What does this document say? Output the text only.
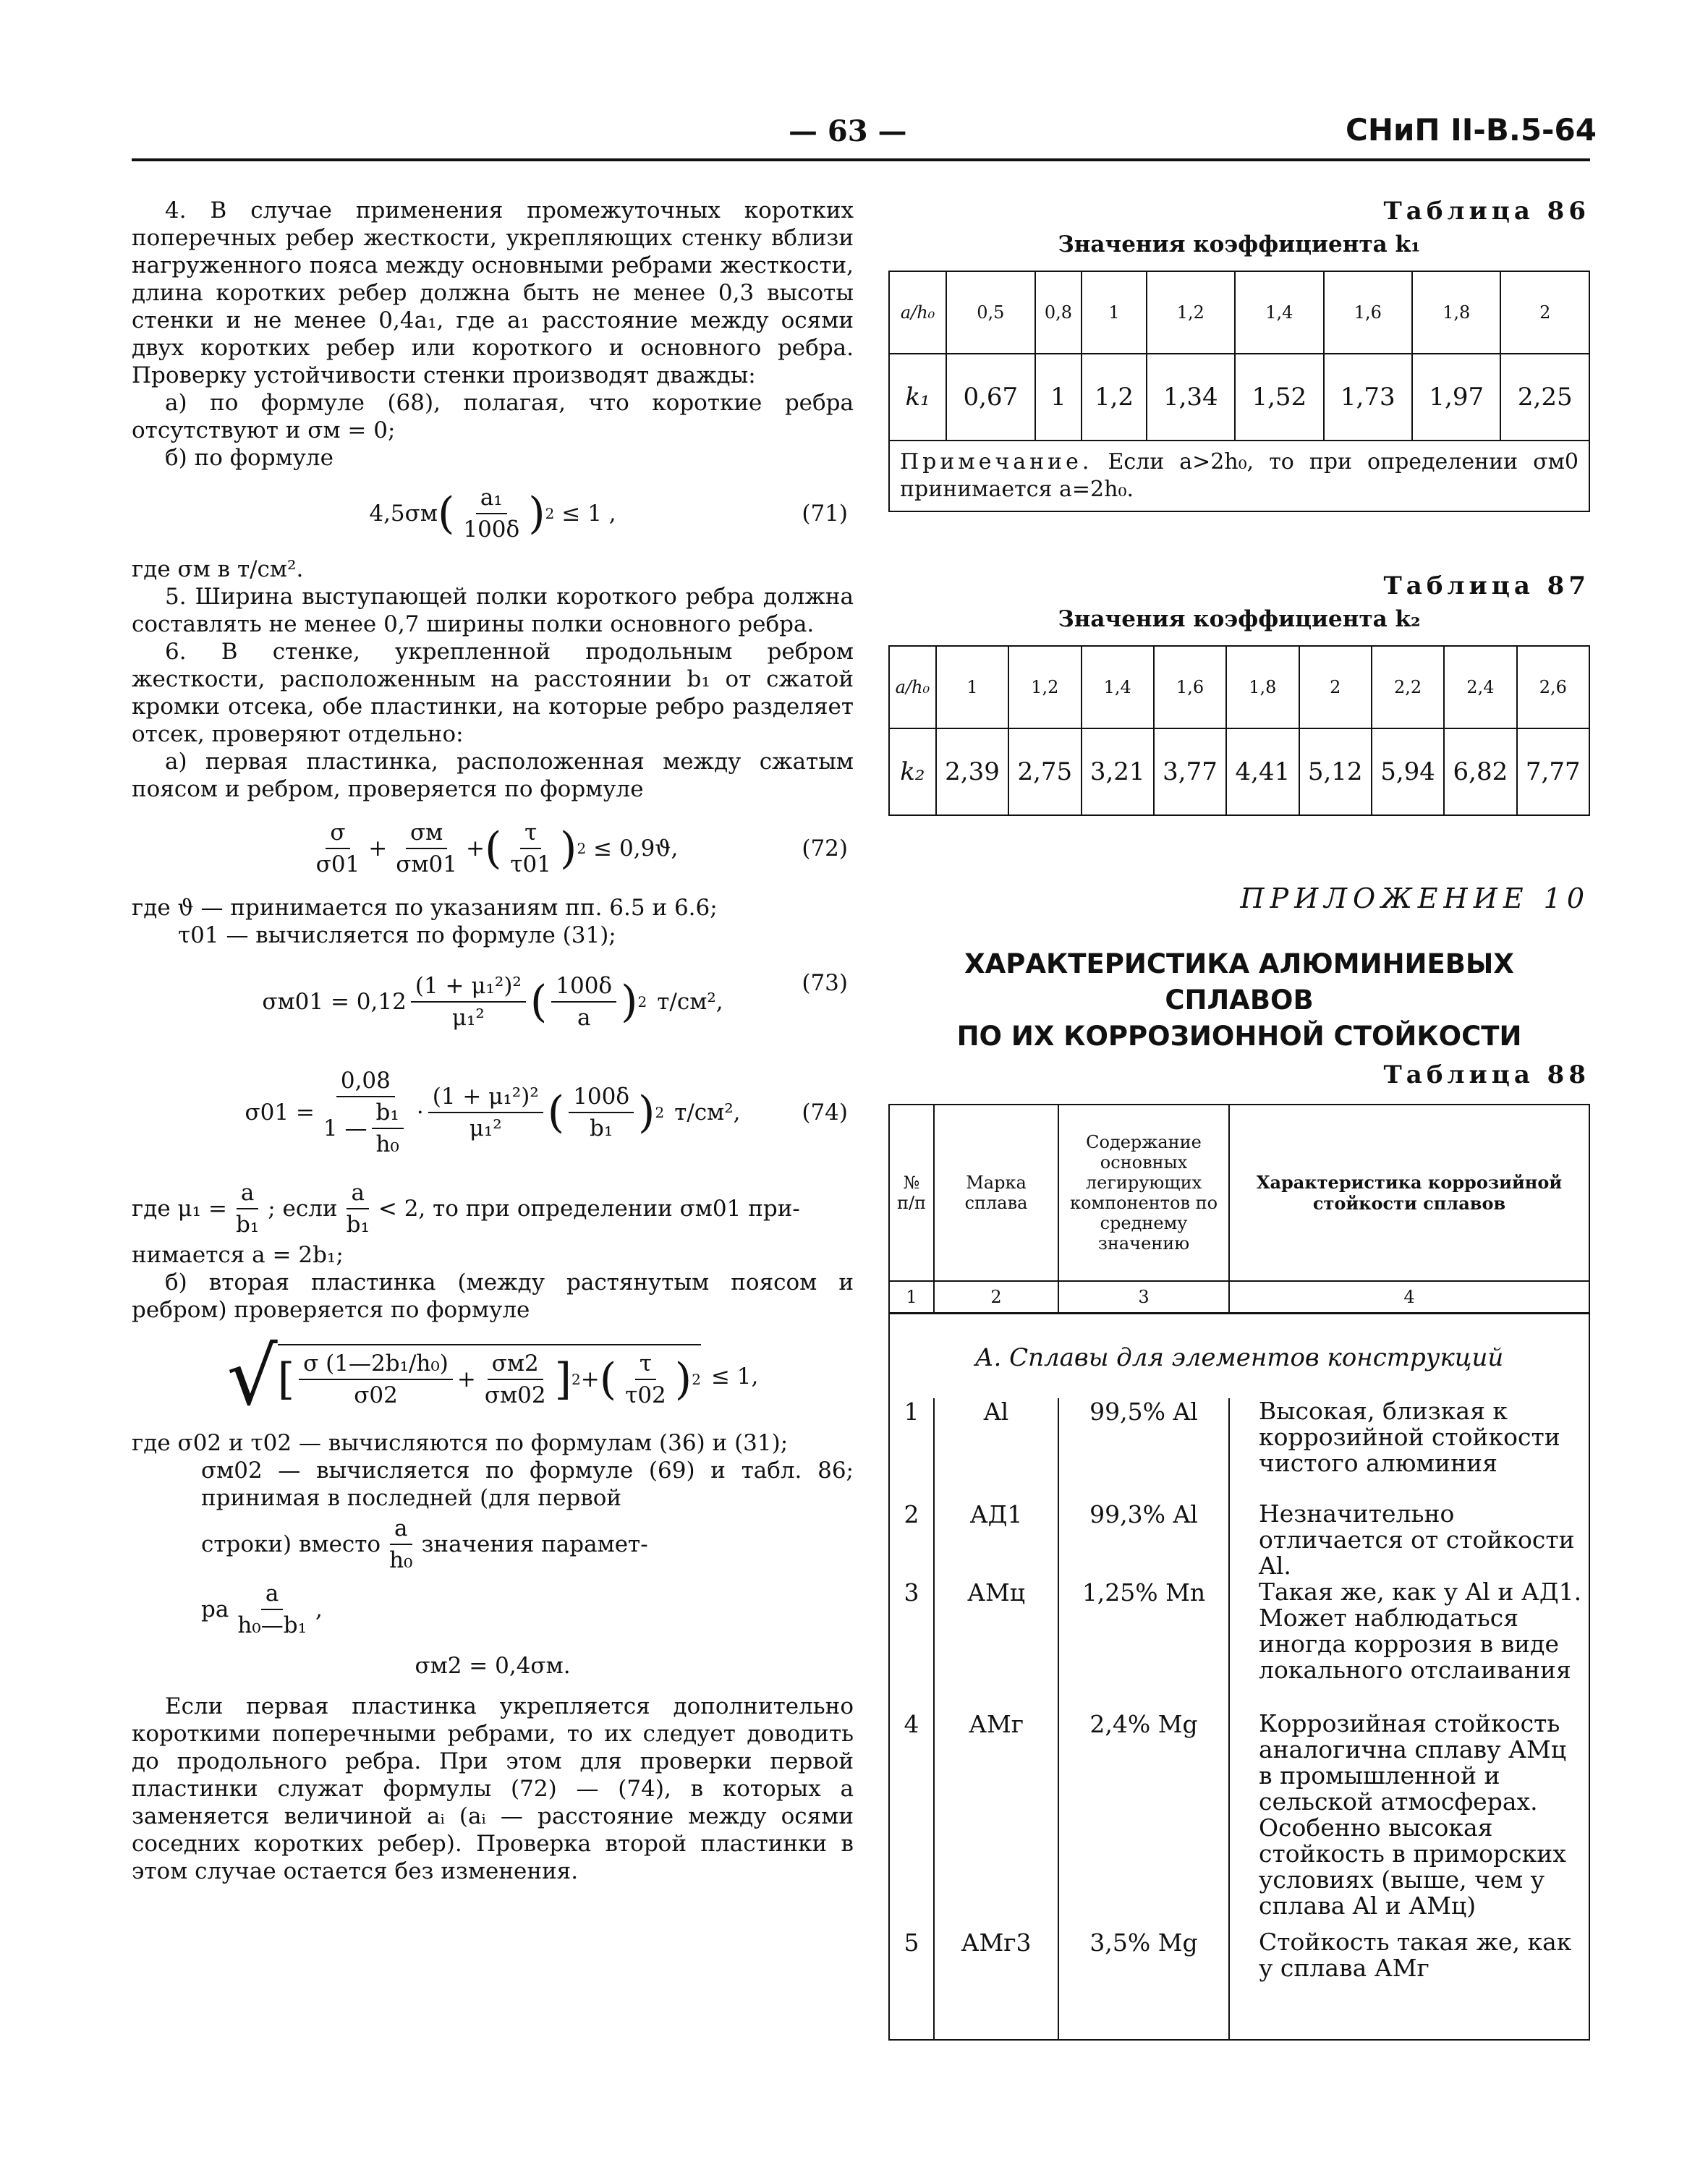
— 63 —	СНиП II-В.5-64

4. В случае применения промежуточных коротких поперечных ребер жесткости, укрепляющих стенку вблизи нагруженного пояса между основными ребрами жесткости, длина коротких ребер должна быть не менее 0,3 высоты стенки и не менее 0,4a₁, где a₁ расстояние между осями двух коротких ребер или короткого и основного ребра. Проверку устойчивости стенки производят дважды:

а) по формуле (68), полагая, что короткие ребра отсутствуют и σм = 0;

б) по формуле

4,5σм ( $\frac{\text{a₁}}{100\delta}$ ) 2 ≤ 1 ,	(71)

где σм в т/см².

5. Ширина выступающей полки короткого ребра должна составлять не менее 0,7 ширины полки основного ребра.

6. В стенке, укрепленной продольным ребром жесткости, расположенным на расстоянии b₁ от сжатой кромки отсека, обе пластинки, на которые ребро разделяет отсек, проверяют отдельно:

а) первая пластинка, расположенная между сжатым поясом и ребром, проверяется по формуле

$\frac{\sigma}{\sigma 01} + \frac{\sigma м}{\sigma м01}$ + ( $\frac{\tau}{\tau 01}$ ) 2 ≤ 0,9ϑ,	(72)

где ϑ — принимается по указаниям пп. 6.5 и 6.6;

τ01 — вычисляется по формуле (31);

$\sigma м01 = 0,12 \frac{\text{(1 + μ₁²)²}}{\text{μ₁²}}$ ( $\frac{100\delta}{a}$ ) 2 т/см²,
(73)
$\sigma 01 = \frac{0,08}{1 — \frac{\text{b₁}}{\text{h₀}}} \cdot \frac{\text{(1 + μ₁²)²}}{\text{μ₁²}}$ ( $\frac{100\delta}{\text{b₁}}$ ) 2 т/см²,	(74)
где $\mu_1 = \frac{a}{\text{b₁}}$ ; если $\frac{a}{\text{b₁}} < 2$, то при определении σм01 при-

нимается a = 2b₁;

б) вторая пластинка (между растянутым поясом и ребром) проверяется по формуле

√ [ $\frac{\text{σ (1—2b₁/h₀)}}{\sigma 02} + \frac{\sigma м2}{\sigma м02}$ ] 2 + ( $\frac{\tau}{\tau 02}$ ) 2 ≤ 1,

где σ02 и τ02 — вычисляются по формулам (36) и (31);

σм02 — вычисляется по формуле (69) и табл. 86; принимая в последней (для первой

строки) вместо $\frac{a}{\text{h₀}}$ значения парамет-
ра $\frac{a}{\text{h₀—b₁}}$ ,
σм2 = 0,4σм.

Если первая пластинка укрепляется дополнительно короткими поперечными ребрами, то их следует доводить до продольного ребра. При этом для проверки первой пластинки служат формулы (72) — (74), в которых a заменяется величиной aᵢ (aᵢ — расстояние между осями соседних коротких ребер). Проверка второй пластинки в этом случае остается без изменения.

Таблица 86
Значения коэффициента k₁
a/h₀	0,5	0,8	1	1,2	1,4	1,6	1,8	2
k₁	0,67	1	1,2	1,34	1,52	1,73	1,97	2,25
Примечание. Если a>2h₀, то при определении σм0 принимается a=2h₀.
Таблица 87
Значения коэффициента k₂
a/h₀	1	1,2	1,4	1,6	1,8	2	2,2	2,4	2,6
k₂	2,39	2,75	3,21	3,77	4,41	5,12	5,94	6,82	7,77
ПРИЛОЖЕНИЕ 10
ХАРАКТЕРИСТИКА АЛЮМИНИЕВЫХ СПЛАВОВ
ПО ИХ КОРРОЗИОННОЙ СТОЙКОСТИ
Таблица 88
№ п/п	Марка сплава	Содержание основных легирующих компонентов по среднему значению	Характеристика коррозийной стойкости сплавов
1	2	3	4
А. Сплавы для элементов конструкций			
1	Al	99,5% Al	Высокая, близкая к коррозийной стойкости чистого алюминия
2	АД1	99,3% Al	Незначительно отличается от стойкости Al.
3	АМц	1,25% Mn	Такая же, как у Al и АД1. Может наблюдаться иногда коррозия в виде локального отслаивания
4	АМг	2,4% Mg	Коррозийная стойкость аналогична сплаву АМц в промышленной и сельской атмосферах. Особенно высокая стойкость в приморских условиях (выше, чем у сплава Al и АМц)
5	АМг3	3,5% Mg	Стойкость такая же, как у сплава АМг
